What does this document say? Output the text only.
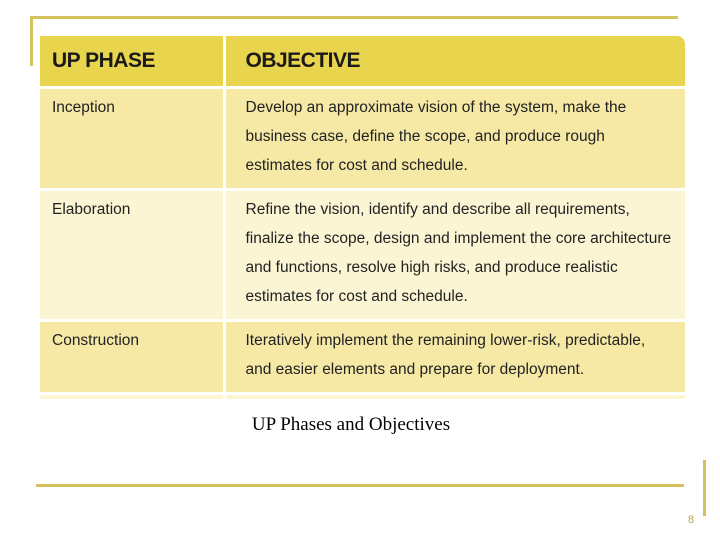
UP PHASE	OBJECTIVE
Inception	Develop an approximate vision of the system, make the business case, define the scope, and produce rough estimates for cost and schedule.
Elaboration	Refine the vision, identify and describe all requirements, finalize the scope, design and implement the core architecture and functions, resolve high risks, and produce realistic estimates for cost and schedule.
Construction	Iteratively implement the remaining lower-risk, predictable, and easier elements and prepare for deployment.

UP Phases and Objectives
8
